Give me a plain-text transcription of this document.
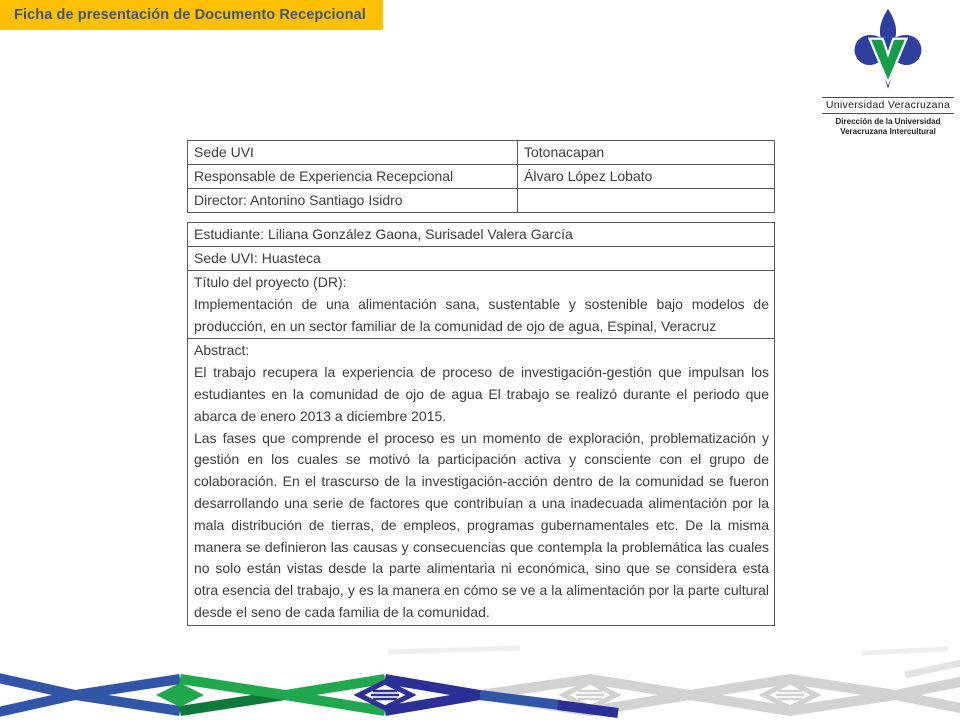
Ficha de presentación de Documento Recepcional
Universidad Veracruzana
Dirección de la Universidad
Veracruzana Intercultural
Sede UVI	Totonacapan
Responsable de Experiencia Recepcional	Álvaro López Lobato
Director: Antonino Santiago Isidro	
Estudiante: Liliana González Gaona, Surisadel Valera García
Sede UVI: Huasteca

Título del proyecto (DR):
Implementación de una alimentación sana, sustentable y sostenible bajo modelos de producción, en un sector familiar de la comunidad de ojo de agua, Espinal, Veracruz

Abstract:
El trabajo recupera la experiencia de proceso de investigación-gestión que impulsan los estudiantes en la comunidad de ojo de agua El trabajo se realizó durante el periodo que abarca de enero 2013 a diciembre 2015.
Las fases que comprende el proceso es un momento de exploración, problematización y gestión en los cuales se motivó la participación activa y consciente con el grupo de colaboración. En el trascurso de la investigación-acción dentro de la comunidad se fueron desarrollando una serie de factores que contribuían a una inadecuada alimentación por la mala distribución de tierras, de empleos, programas gubernamentales etc. De la misma manera se definieron las causas y consecuencias que contempla la problemática las cuales no solo están vistas desde la parte alimentaria ni económica, sino que se considera esta otra esencia del trabajo, y es la manera en cómo se ve a la alimentación por la parte cultural desde el seno de cada familia de la comunidad.
